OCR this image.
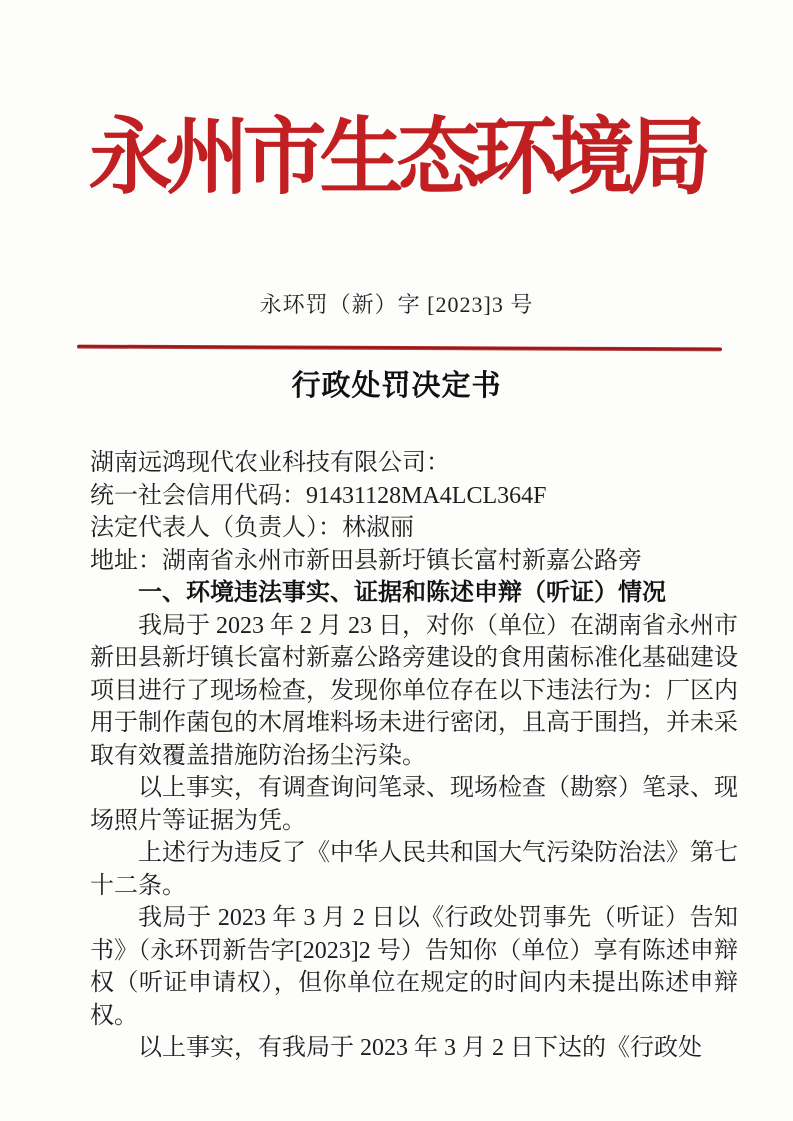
永州市生态环境局
永环罚（新）字 [2023]3 号
行政处罚决定书

湖南远鸿现代农业科技有限公司：

统一社会信用代码：91431128MA4LCL364F

法定代表人（负责人）：林淑丽

地址：湖南省永州市新田县新圩镇长富村新嘉公路旁

一、环境违法事实、证据和陈述申辩（听证）情况

我局于 2023 年 2 月 23 日，对你（单位）在湖南省永州市新田县新圩镇长富村新嘉公路旁建设的食用菌标准化基础建设项目进行了现场检查，发现你单位存在以下违法行为：厂区内用于制作菌包的木屑堆料场未进行密闭，且高于围挡，并未采取有效覆盖措施防治扬尘污染。

以上事实，有调查询问笔录、现场检查（勘察）笔录、现场照片等证据为凭。

上述行为违反了《中华人民共和国大气污染防治法》第七十二条。

我局于 2023 年 3 月 2 日以《行政处罚事先（听证）告知书》（永环罚新告字[2023]2 号）告知你（单位）享有陈述申辩权（听证申请权），但你单位在规定的时间内未提出陈述申辩权。

以上事实，有我局于 2023 年 3 月 2 日下达的《行政处
